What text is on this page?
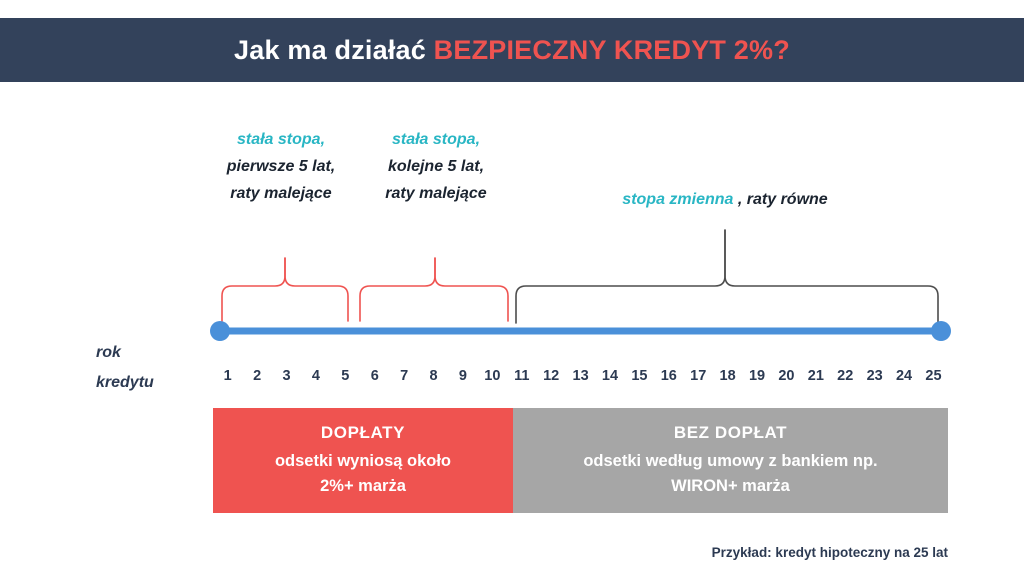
Jak ma działać BEZPIECZNY KREDYT 2%?
stała stopa,
pierwsze 5 lat,
raty malejące
stała stopa,
kolejne 5 lat,
raty malejące	stopa zmienna , raty równe
rok
kredytu	1	2	3	4	5	6	7	8	9	10 11 12 13 14 15 16 17 18 19 20 21 22 23 24 25
DOPŁATY
odsetki wyniosą około
2%+ marża
BEZ DOPŁAT
odsetki według umowy z bankiem np.
WIRON+ marża
Przykład: kredyt hipoteczny na 25 lat
